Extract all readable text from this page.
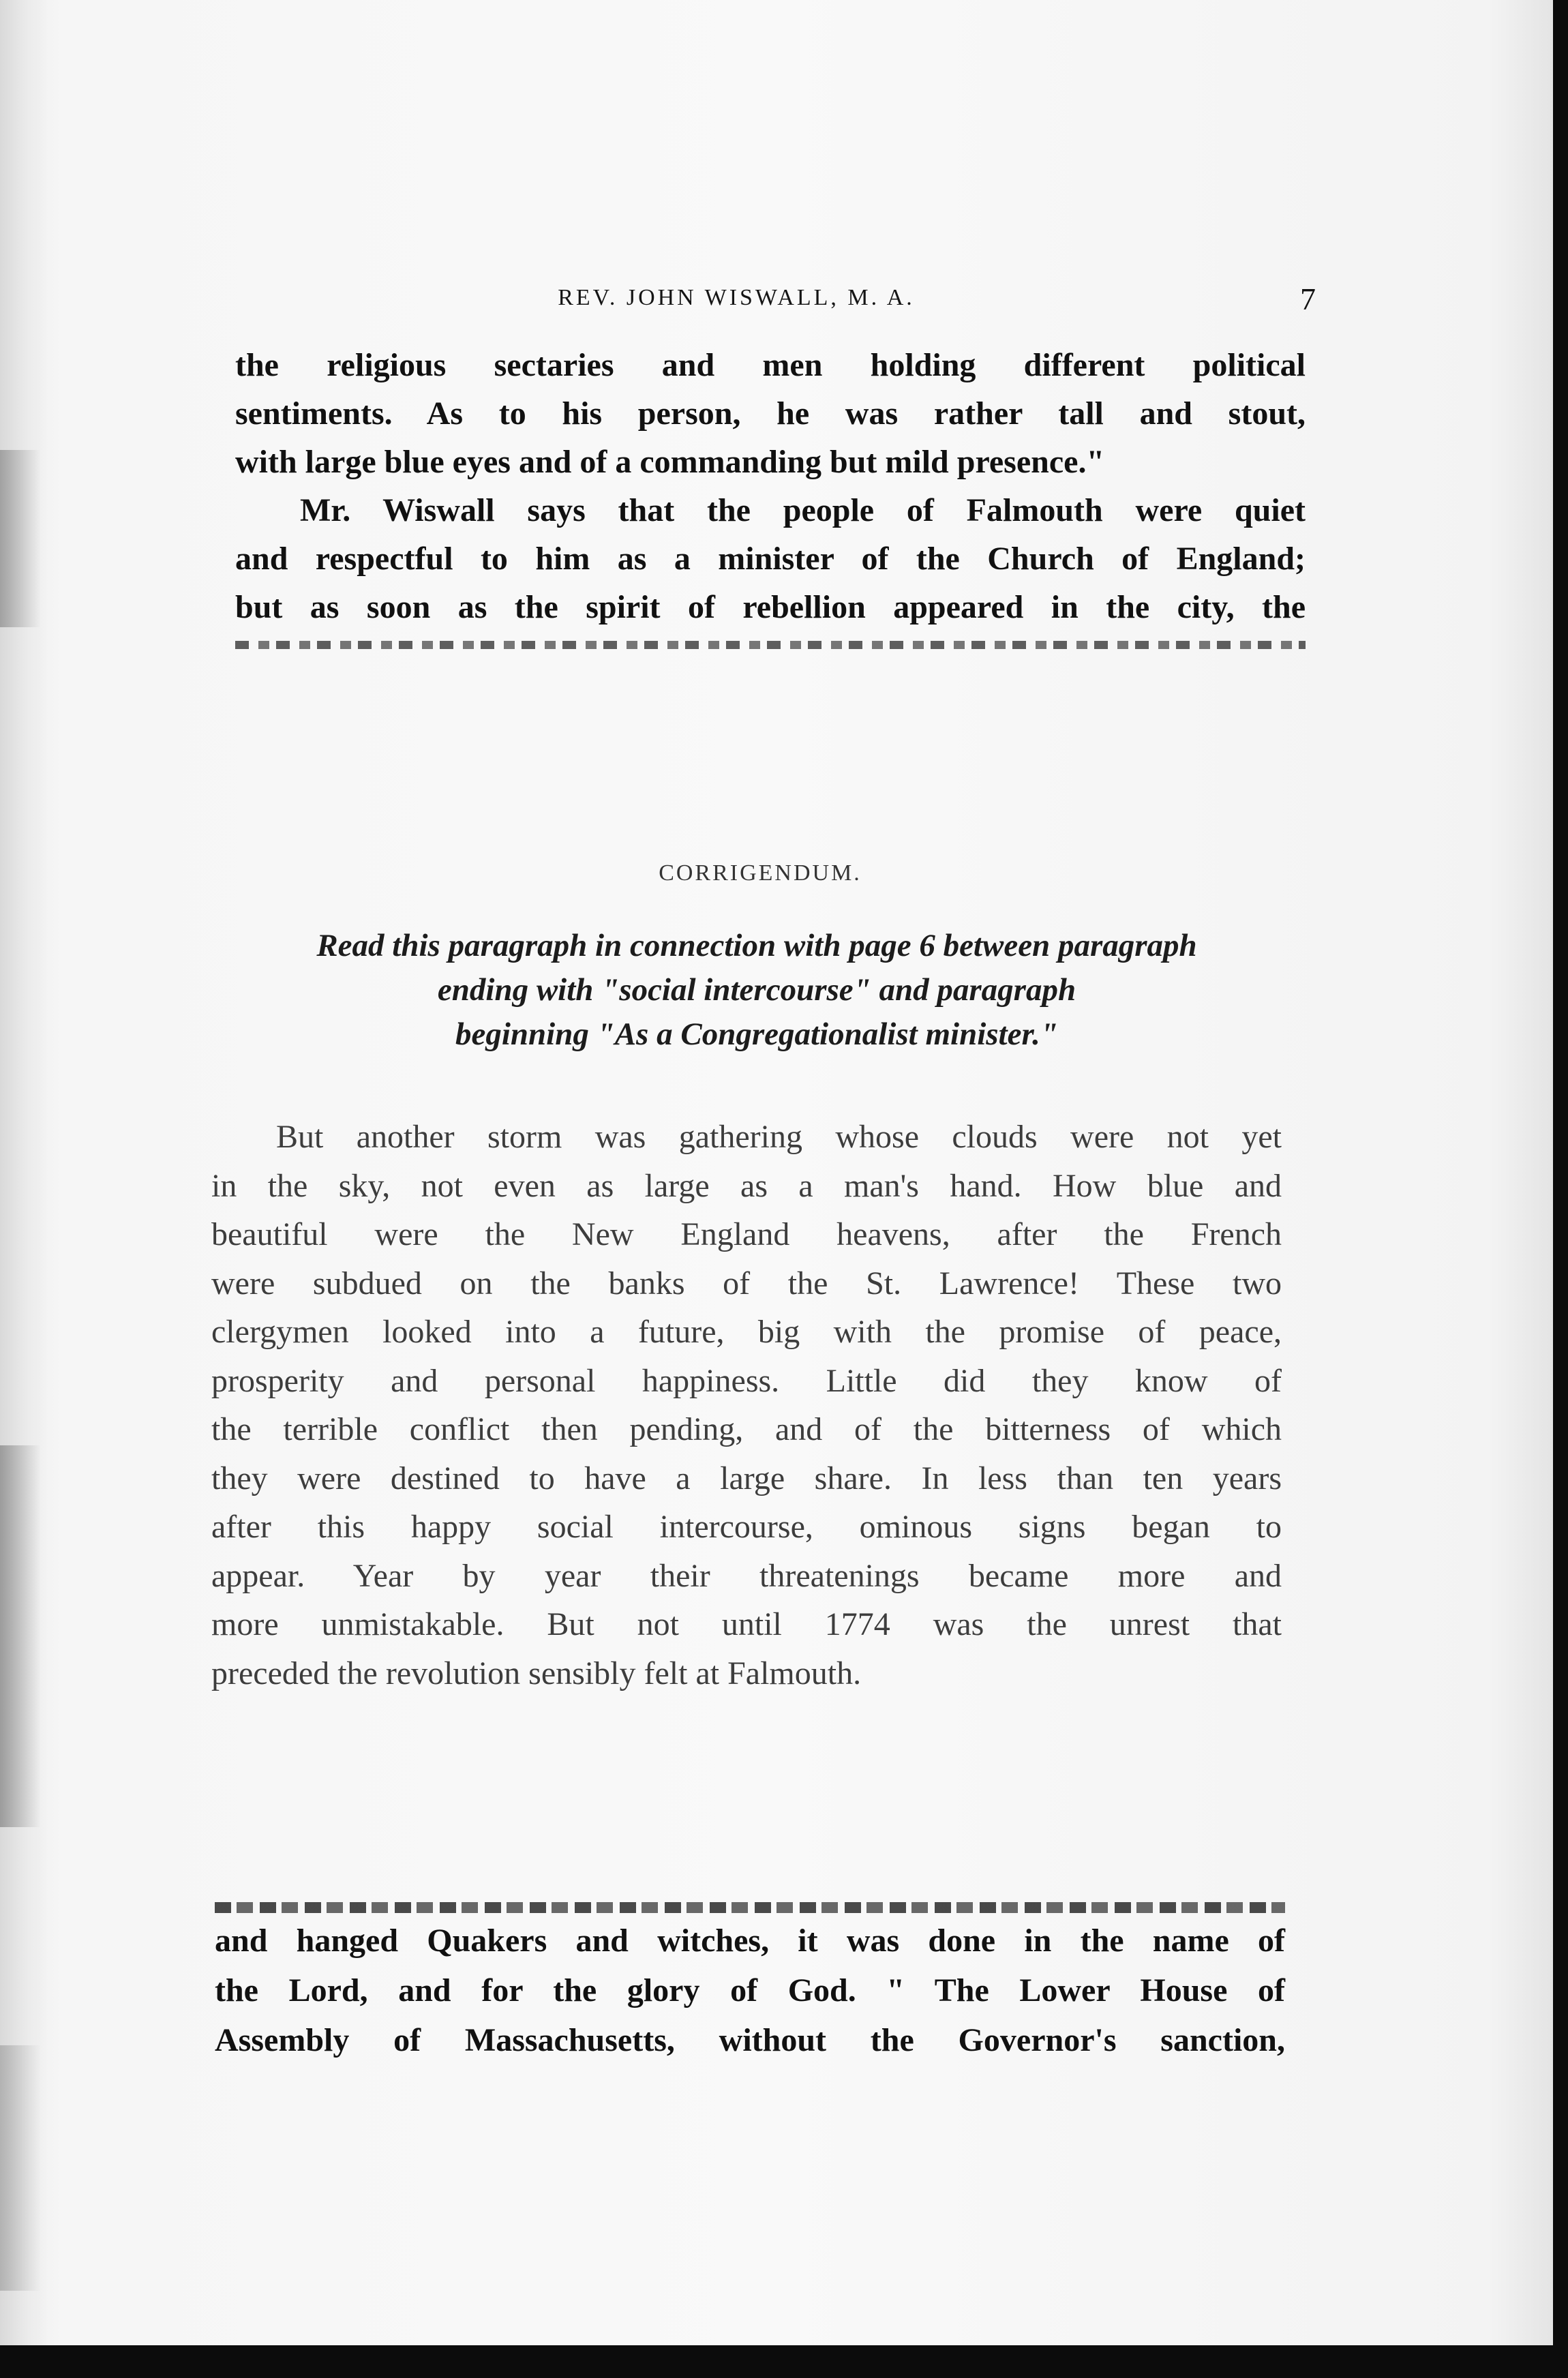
REV. JOHN WISWALL, M. A.	7

the religious sectaries and men holding different political

sentiments. As to his person, he was rather tall and stout,

with large blue eyes and of a commanding but mild presence."

Mr. Wiswall says that the people of Falmouth were quiet

and respectful to him as a minister of the Church of England;

but as soon as the spirit of rebellion appeared in the city, the

CORRIGENDUM.
Read this paragraph in connection with page 6 between paragraph
ending with "social intercourse" and paragraph
beginning "As a Congregationalist minister."

But another storm was gathering whose clouds were not yet

in the sky, not even as large as a man's hand. How blue and

beautiful were the New England heavens, after the French

were subdued on the banks of the St. Lawrence! These two

clergymen looked into a future, big with the promise of peace,

prosperity and personal happiness. Little did they know of

the terrible conflict then pending, and of the bitterness of which

they were destined to have a large share. In less than ten years

after this happy social intercourse, ominous signs began to

appear. Year by year their threatenings became more and

more unmistakable. But not until 1774 was the unrest that

preceded the revolution sensibly felt at Falmouth.

and hanged Quakers and witches, it was done in the name of

the Lord, and for the glory of God. " The Lower House of

Assembly of Massachusetts, without the Governor's sanction,
